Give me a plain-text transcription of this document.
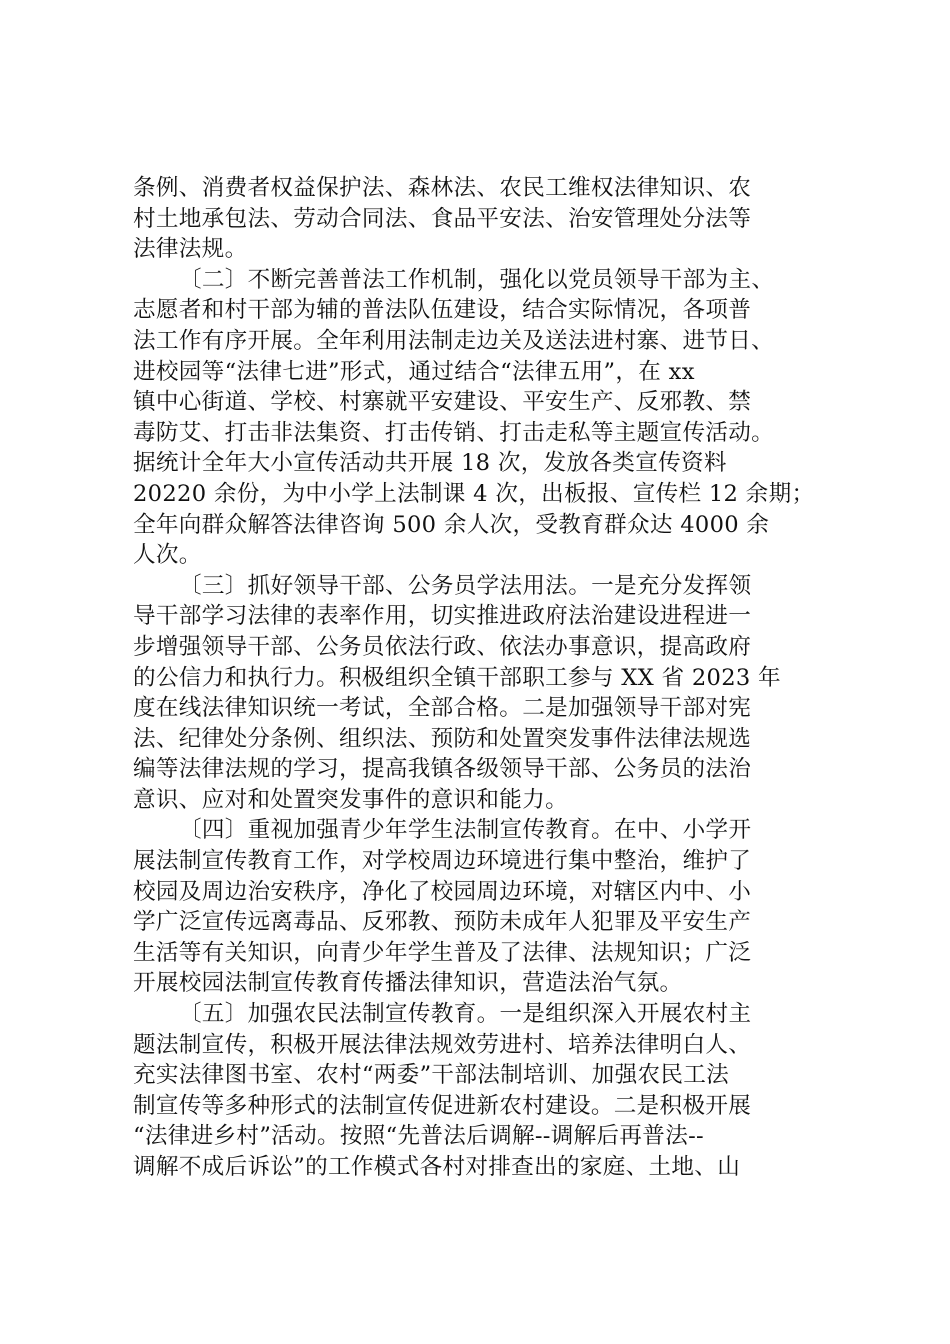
条例、消费者权益保护法、森林法、农民工维权法律知识、农
村土地承包法、劳动合同法、食品平安法、治安管理处分法等
法律法规。
〔二〕不断完善普法工作机制，强化以党员领导干部为主、
志愿者和村干部为辅的普法队伍建设，结合实际情况，各项普
法工作有序开展。全年利用法制走边关及送法进村寨、进节日、
进校园等“法律七进”形式，通过结合“法律五用”，在 xx
镇中心街道、学校、村寨就平安建设、平安生产、反邪教、禁
毒防艾、打击非法集资、打击传销、打击走私等主题宣传活动。
据统计全年大小宣传活动共开展 18 次，发放各类宣传资料
20220 余份，为中小学上法制课 4 次，出板报、宣传栏 12 余期；
全年向群众解答法律咨询 500 余人次，受教育群众达 4000 余
人次。
〔三〕抓好领导干部、公务员学法用法。一是充分发挥领
导干部学习法律的表率作用，切实推进政府法治建设进程进一
步增强领导干部、公务员依法行政、依法办事意识，提高政府
的公信力和执行力。积极组织全镇干部职工参与 XX 省 2023 年
度在线法律知识统一考试，全部合格。二是加强领导干部对宪
法、纪律处分条例、组织法、预防和处置突发事件法律法规选
编等法律法规的学习，提高我镇各级领导干部、公务员的法治
意识、应对和处置突发事件的意识和能力。
〔四〕重视加强青少年学生法制宣传教育。在中、小学开
展法制宣传教育工作，对学校周边环境进行集中整治，维护了
校园及周边治安秩序，净化了校园周边环境，对辖区内中、小
学广泛宣传远离毒品、反邪教、预防未成年人犯罪及平安生产
生活等有关知识，向青少年学生普及了法律、法规知识；广泛
开展校园法制宣传教育传播法律知识，营造法治气氛。
〔五〕加强农民法制宣传教育。一是组织深入开展农村主
题法制宣传，积极开展法律法规效劳进村、培养法律明白人、
充实法律图书室、农村“两委”干部法制培训、加强农民工法
制宣传等多种形式的法制宣传促进新农村建设。二是积极开展
“法律进乡村”活动。按照“先普法后调解--调解后再普法--
调解不成后诉讼”的工作模式各村对排查出的家庭、土地、山
